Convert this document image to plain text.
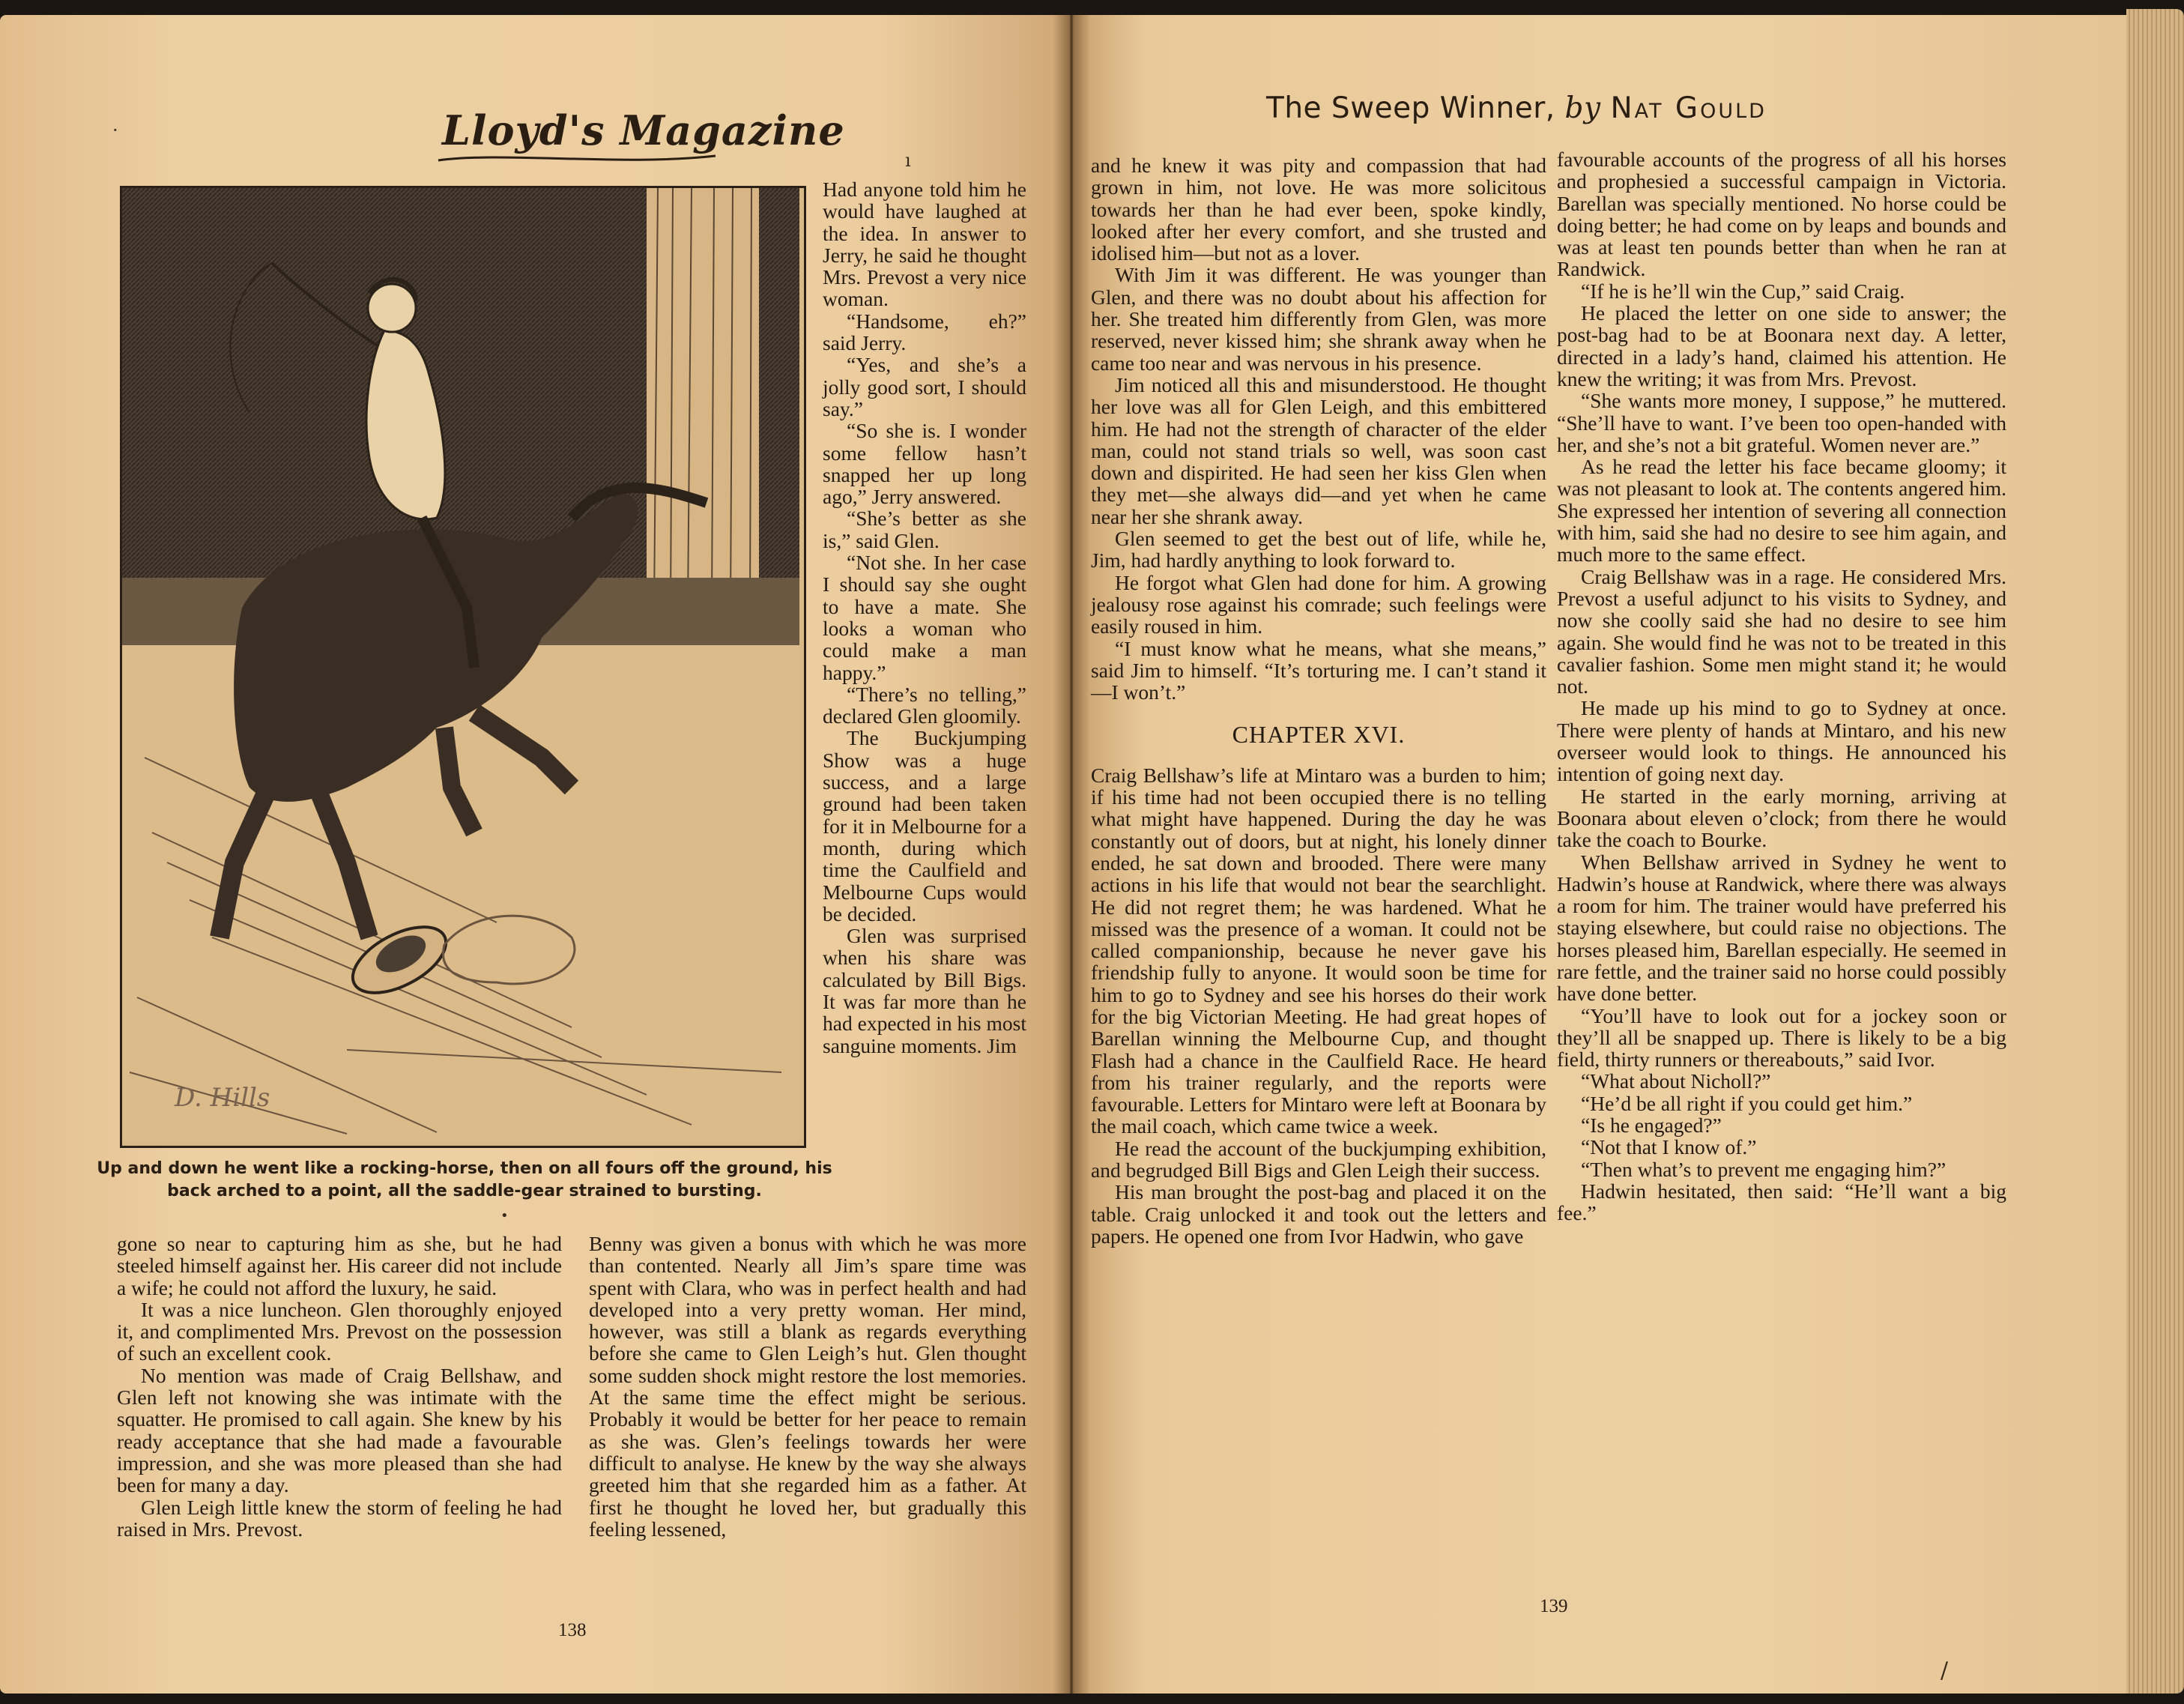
Lloyd's Magazine
·
ı
D. Hills
Up and down he went like a rocking-horse, then on all fours off the ground, his back arched to a point, all the saddle-gear strained to bursting.
•

Had anyone told him he would have laughed at the idea. In answer to Jerry, he said he thought Mrs. Prevost a very nice woman.

“Handsome, eh?” said Jerry.

“Yes, and she’s a jolly good sort, I should say.”

“So she is. I wonder some fellow hasn’t snapped her up long ago,” Jerry answered.

“She’s better as she is,” said Glen.

“Not she. In her case I should say she ought to have a mate. She looks a woman who could make a man happy.”

“There’s no telling,” declared Glen gloomily.

The Buckjumping Show was a huge success, and a large ground had been taken for it in Melbourne for a month, during which time the Caulfield and Melbourne Cups would be decided.

Glen was surprised when his share was calculated by Bill Bigs. It was far more than he had expected in his most sanguine moments. Jim

gone so near to capturing him as she, but he had steeled himself against her. His career did not include a wife; he could not afford the luxury, he said.

It was a nice luncheon. Glen thoroughly enjoyed it, and complimented Mrs. Prevost on the possession of such an excellent cook.

No mention was made of Craig Bellshaw, and Glen left not knowing she was intimate with the squatter. He promised to call again. She knew by his ready acceptance that she had made a favourable impression, and she was more pleased than she had been for many a day.

Glen Leigh little knew the storm of feeling he had raised in Mrs. Prevost.

Benny was given a bonus with which he was more than contented. Nearly all Jim’s spare time was spent with Clara, who was in perfect health and had developed into a very pretty woman. Her mind, however, was still a blank as regards everything before she came to Glen Leigh’s hut. Glen thought some sudden shock might restore the lost memories. At the same time the effect might be serious. Probably it would be better for her peace to remain as she was. Glen’s feelings towards her were difficult to analyse. He knew by the way she always greeted him that she regarded him as a father. At first he thought he loved her, but gradually this feeling lessened,

138
The Sweep Winner, by Nat Gould

and he knew it was pity and compassion that had grown in him, not love. He was more solicitous towards her than he had ever been, spoke kindly, looked after her every comfort, and she trusted and idolised him—but not as a lover.

With Jim it was different. He was younger than Glen, and there was no doubt about his affection for her. She treated him differently from Glen, was more reserved, never kissed him; she shrank away when he came too near and was nervous in his presence.

Jim noticed all this and misunderstood. He thought her love was all for Glen Leigh, and this embittered him. He had not the strength of character of the elder man, could not stand trials so well, was soon cast down and dispirited. He had seen her kiss Glen when they met—she always did—and yet when he came near her she shrank away.

Glen seemed to get the best out of life, while he, Jim, had hardly anything to look forward to.

He forgot what Glen had done for him. A growing jealousy rose against his comrade; such feelings were easily roused in him.

“I must know what he means, what she means,” said Jim to himself. “It’s torturing me. I can’t stand it—I won’t.”

CHAPTER XVI.

Craig Bellshaw’s life at Mintaro was a burden to him; if his time had not been occupied there is no telling what might have happened. During the day he was constantly out of doors, but at night, his lonely dinner ended, he sat down and brooded. There were many actions in his life that would not bear the searchlight. He did not regret them; he was hardened. What he missed was the presence of a woman. It could not be called companionship, because he never gave his friendship fully to anyone. It would soon be time for him to go to Sydney and see his horses do their work for the big Victorian Meeting. He had great hopes of Barellan winning the Melbourne Cup, and thought Flash had a chance in the Caulfield Race. He heard from his trainer regularly, and the reports were favourable. Letters for Mintaro were left at Boonara by the mail coach, which came twice a week.

He read the account of the buckjumping exhibition, and begrudged Bill Bigs and Glen Leigh their success.

His man brought the post-bag and placed it on the table. Craig unlocked it and took out the letters and papers. He opened one from Ivor Hadwin, who gave

favourable accounts of the progress of all his horses and prophesied a successful campaign in Victoria. Barellan was specially mentioned. No horse could be doing better; he had come on by leaps and bounds and was at least ten pounds better than when he ran at Randwick.

“If he is he’ll win the Cup,” said Craig.

He placed the letter on one side to answer; the post-bag had to be at Boonara next day. A letter, directed in a lady’s hand, claimed his attention. He knew the writing; it was from Mrs. Prevost.

“She wants more money, I suppose,” he muttered. “She’ll have to want. I’ve been too open-handed with her, and she’s not a bit grateful. Women never are.”

As he read the letter his face became gloomy; it was not pleasant to look at. The contents angered him. She expressed her intention of severing all connection with him, said she had no desire to see him again, and much more to the same effect.

Craig Bellshaw was in a rage. He considered Mrs. Prevost a useful adjunct to his visits to Sydney, and now she coolly said she had no desire to see him again. She would find he was not to be treated in this cavalier fashion. Some men might stand it; he would not.

He made up his mind to go to Sydney at once. There were plenty of hands at Mintaro, and his new overseer would look to things. He announced his intention of going next day.

He started in the early morning, arriving at Boonara about eleven o’clock; from there he would take the coach to Bourke.

When Bellshaw arrived in Sydney he went to Hadwin’s house at Randwick, where there was always a room for him. The trainer would have preferred his staying elsewhere, but could raise no objections. The horses pleased him, Barellan especially. He seemed in rare fettle, and the trainer said no horse could possibly have done better.

“You’ll have to look out for a jockey soon or they’ll all be snapped up. There is likely to be a big field, thirty runners or thereabouts,” said Ivor.

“What about Nicholl?”

“He’d be all right if you could get him.”

“Is he engaged?”

“Not that I know of.”

“Then what’s to prevent me engaging him?”

Hadwin hesitated, then said: “He’ll want a big fee.”

139
/
